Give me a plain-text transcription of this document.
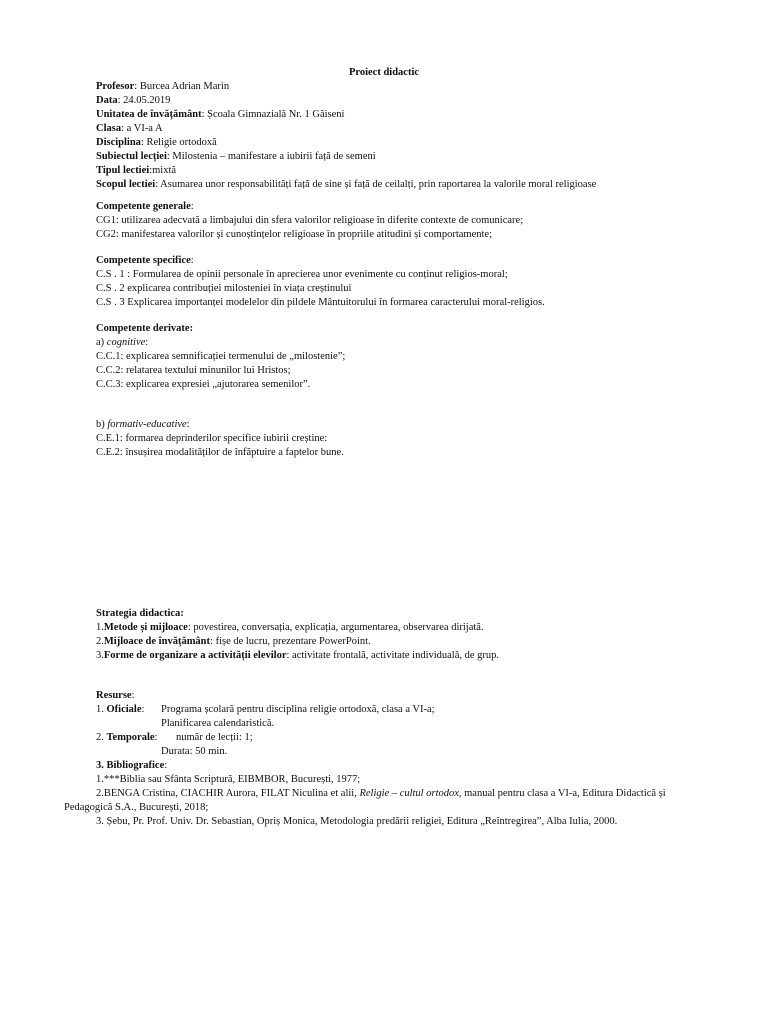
Proiect didactic
Profesor: Burcea Adrian Marin
Data: 24.05.2019
Unitatea de învățământ: Școala Gimnazială Nr. 1 Găiseni
Clasa: a VI-a A
Disciplina: Religie ortodoxă
Subiectul lecției: Milostenia – manifestare a iubirii față de semeni
Tipul lectiei:mixtă
Scopul lectiei: Asumarea unor responsabilități față de sine și față de ceilalți, prin raportarea la valorile moral religioase
Competente generale:
CG1: utilizarea adecvată a limbajului din sfera valorilor religioase în diferite contexte de comunicare;
CG2: manifestarea valorilor și cunoștințelor religioase în propriile atitudini și comportamente;
Competente specifice:
C.S . 1 : Formularea de opinii personale în aprecierea unor evenimente cu conținut religios-moral;
C.S . 2 explicarea contribuției milosteniei în viața creștinului
C.S . 3 Explicarea importanței modelelor din pildele Mântuitorului în formarea caracterului moral-religios.
Competente derivate:
a) cognitive:
C.C.1: explicarea semnificației termenului de „milostenie”;
C.C.2: relatarea textului minunilor lui Hristos;
C.C.3: explicarea expresiei „ajutorarea semenilor”.
b) formativ-educative:
C.E.1: formarea deprinderilor specifice iubirii creștine:
C.E.2: însușirea modalităților de înfăptuire a faptelor bune.
Strategia didactica:
1.Metode și mijloace: povestirea, conversația, explicația, argumentarea, observarea dirijată.
2.Mijloace de învățământ: fișe de lucru, prezentare PowerPoint.
3.Forme de organizare a activității elevilor: activitate frontală, activitate individuală, de grup.
Resurse:
1. Oficiale: Programa școlară pentru disciplina religie ortodoxă, clasa a VI-a;
Planificarea calendaristică.
2. Temporale: număr de lecții: 1;
Durata: 50 min.
3. Bibliografice:
1.***Biblia sau Sfânta Scriptură, EIBMBOR, București, 1977;
2.BENGA Cristina, CIACHIR Aurora, FILAT Niculina et alii, Religie – cultul ortodox, manual pentru clasa a VI-a, Editura Didactică și
Pedagogică S.A., București, 2018;
3. Șebu, Pr. Prof. Univ. Dr. Sebastian, Opriș Monica, Metodologia predării religiei, Editura „Reîntregirea”, Alba Iulia, 2000.
